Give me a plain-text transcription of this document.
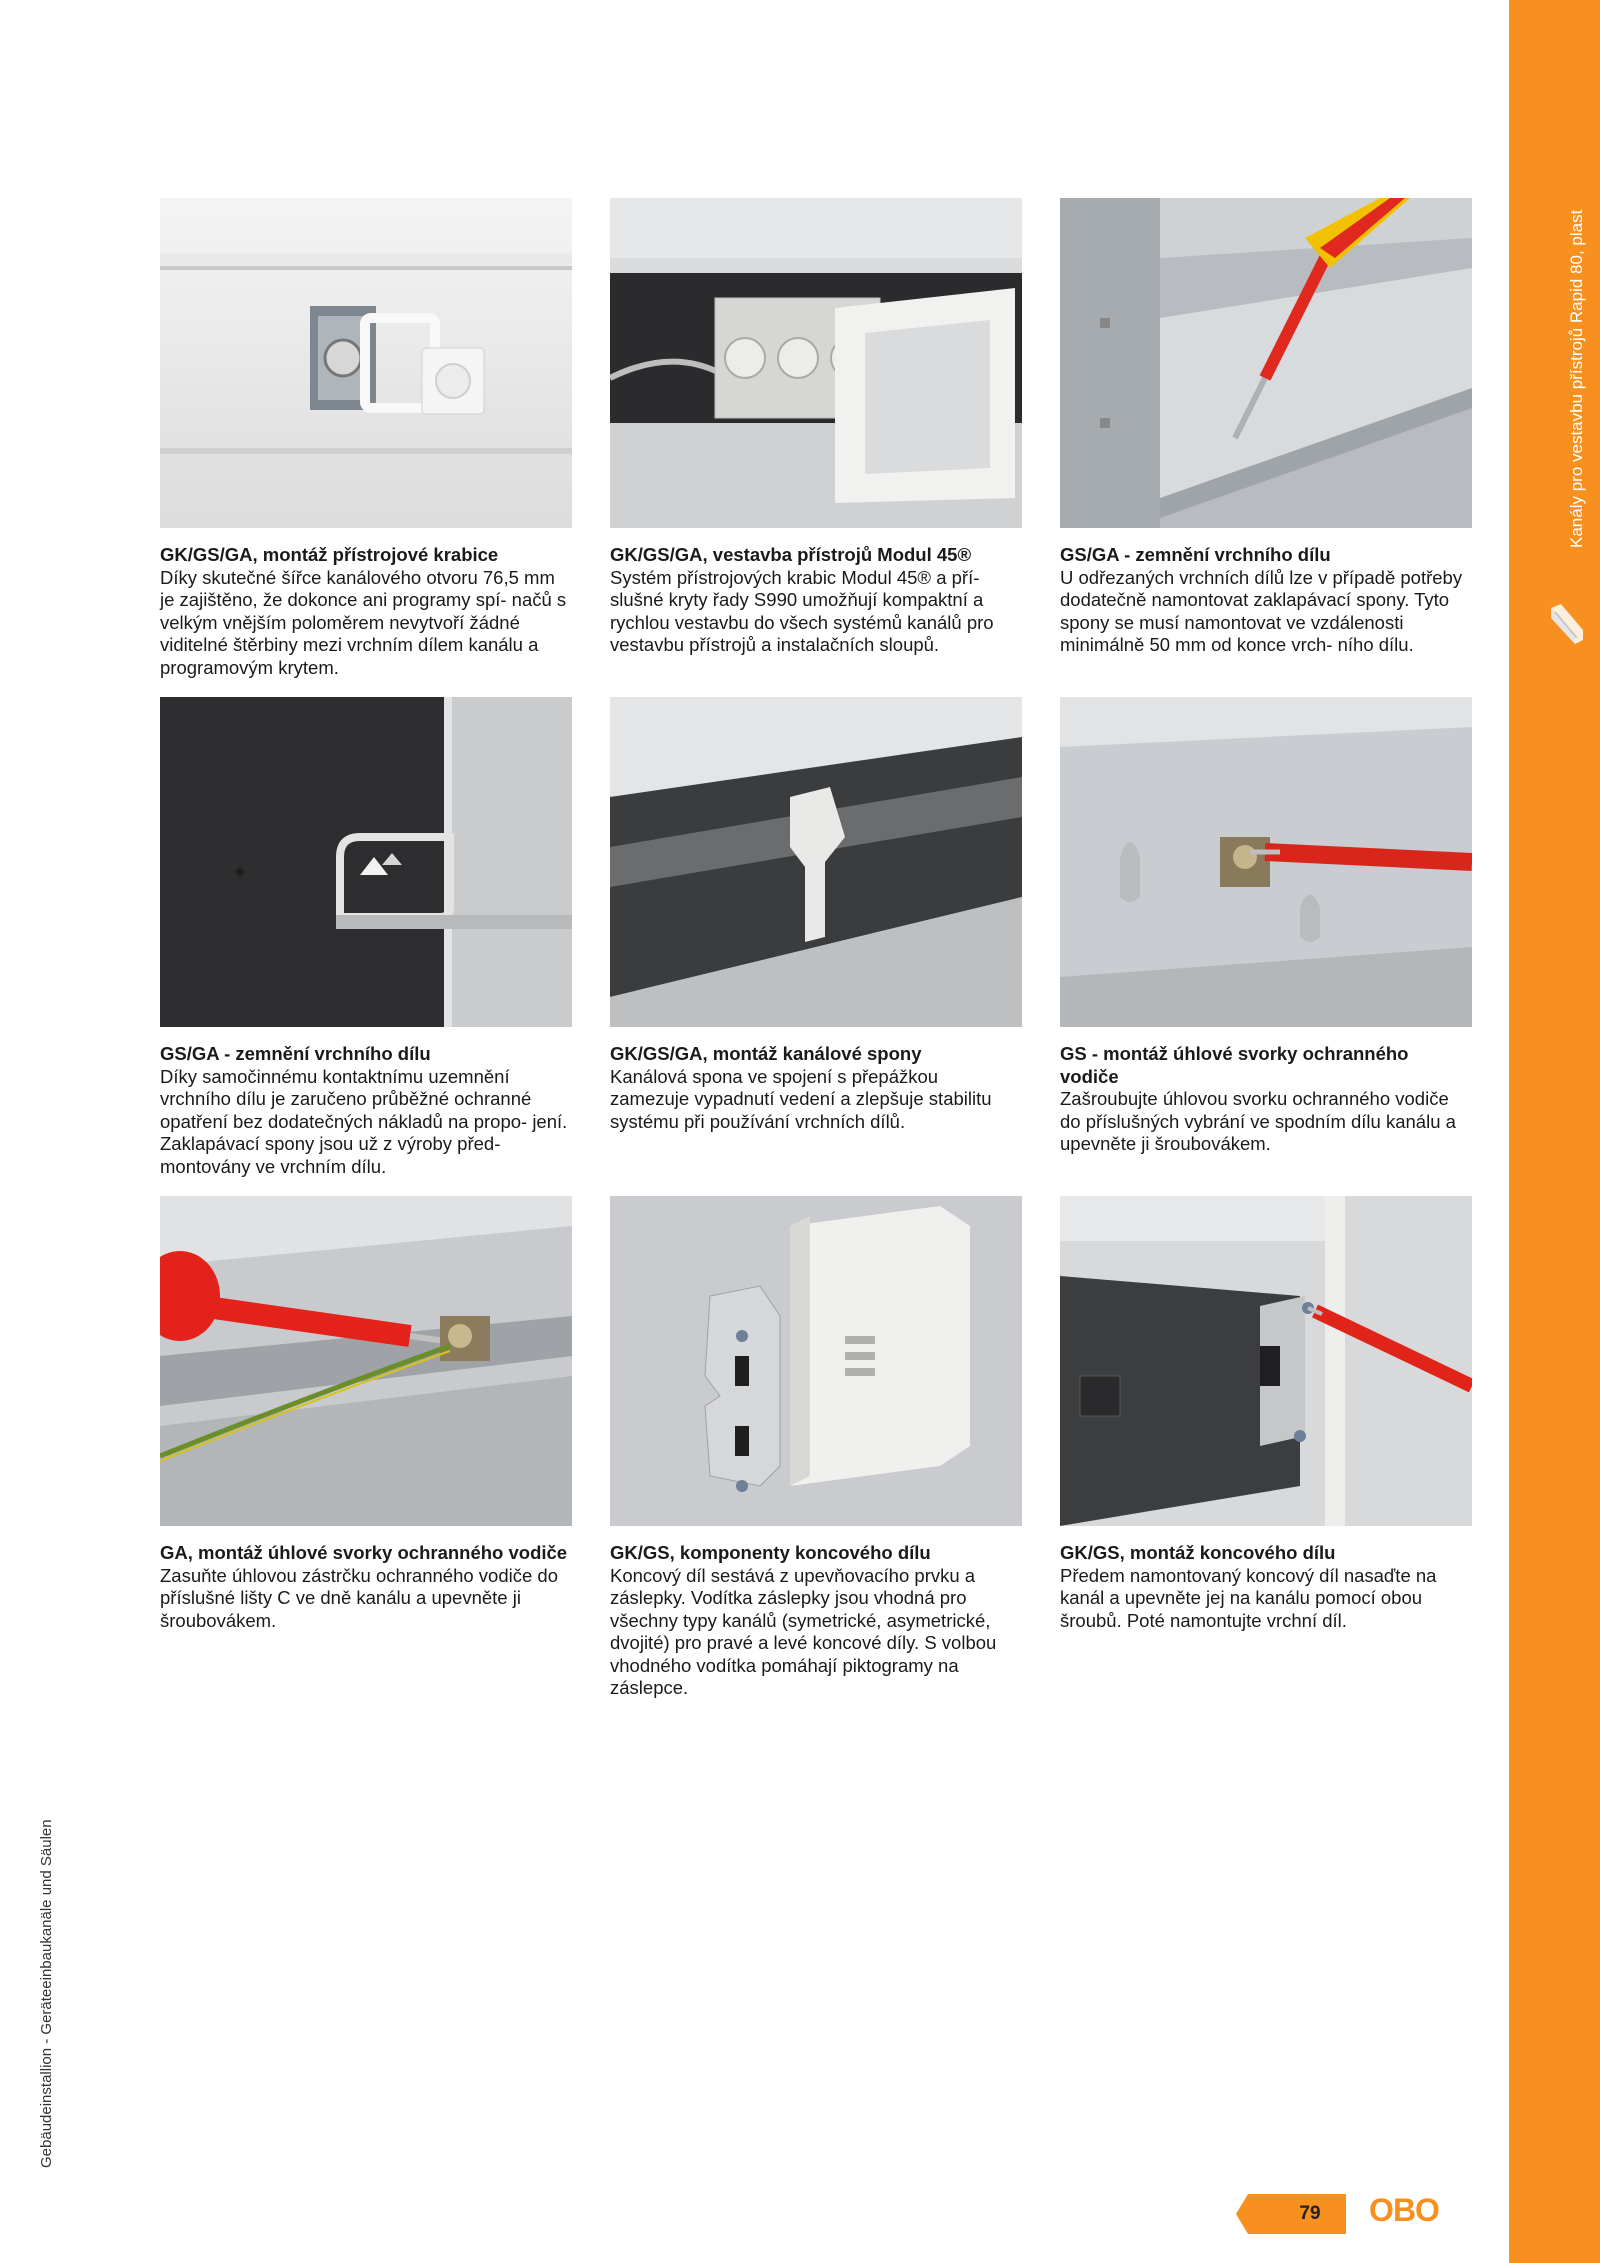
Kanály pro vestavbu přístrojů Rapid 80, plast
Gebäudeinstallion - Geräteeinbaukanäle und Säulen
GK/GS/GA, montáž přístrojové krabice
Díky skutečné šířce kanálového otvoru 76,5 mm je zajištěno, že dokonce ani programy spí- načů s velkým vnějším poloměrem nevytvoří žádné viditelné štěrbiny mezi vrchním dílem kanálu a programovým krytem.
GK/GS/GA, vestavba přístrojů Modul 45®
Systém přístrojových krabic Modul 45® a pří- slušné kryty řady S990 umožňují kompaktní a rychlou vestavbu do všech systémů kanálů pro vestavbu přístrojů a instalačních sloupů.
GS/GA - zemnění vrchního dílu
U odřezaných vrchních dílů lze v případě potřeby dodatečně namontovat zaklapávací spony. Tyto spony se musí namontovat ve vzdálenosti minimálně 50 mm od konce vrch- ního dílu.
GS/GA - zemnění vrchního dílu
Díky samočinnému kontaktnímu uzemnění vrchního dílu je zaručeno průběžné ochranné opatření bez dodatečných nákladů na propo- jení. Zaklapávací spony jsou už z výroby před- montovány ve vrchním dílu.
GK/GS/GA, montáž kanálové spony
Kanálová spona ve spojení s přepážkou zamezuje vypadnutí vedení a zlepšuje stabilitu systému při používání vrchních dílů.
GS - montáž úhlové svorky ochranného vodiče
Zašroubujte úhlovou svorku ochranného vodiče do příslušných vybrání ve spodním dílu kanálu a upevněte ji šroubovákem.
GA, montáž úhlové svorky ochranného vodiče
Zasuňte úhlovou zástrčku ochranného vodiče do příslušné lišty C ve dně kanálu a upevněte ji šroubovákem.
GK/GS, komponenty koncového dílu
Koncový díl sestává z upevňovacího prvku a záslepky. Vodítka záslepky jsou vhodná pro všechny typy kanálů (symetrické, asymetrické, dvojité) pro pravé a levé koncové díly. S volbou vhodného vodítka pomáhají piktogramy na záslepce.
GK/GS, montáž koncového dílu
Předem namontovaný koncový díl nasaďte na kanál a upevněte jej na kanálu pomocí obou šroubů. Poté namontujte vrchní díl.
79	OBO
